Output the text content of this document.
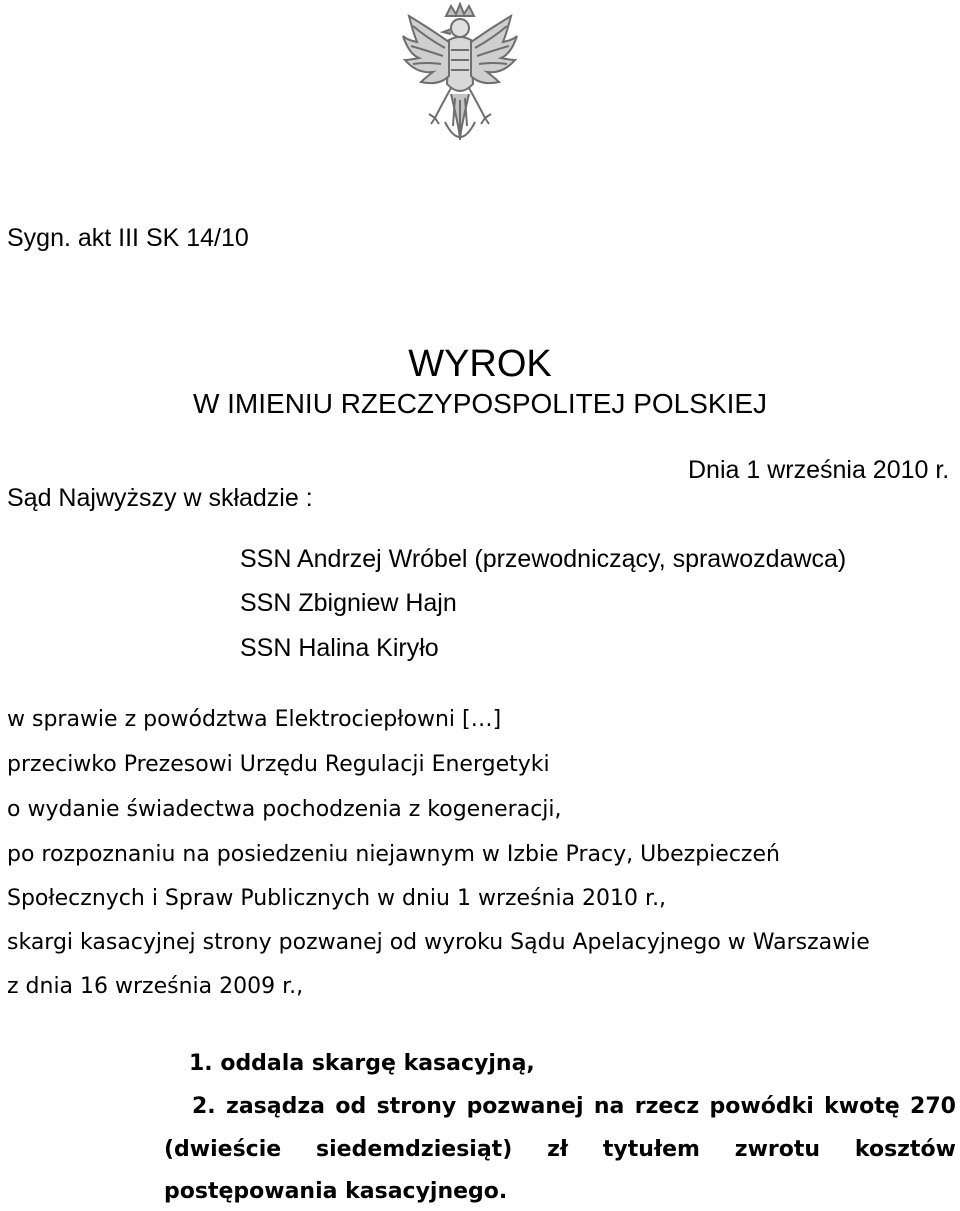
Sygn. akt III SK 14/10
WYROK
W IMIENIU RZECZYPOSPOLITEJ POLSKIEJ
Dnia 1 września 2010 r.
Sąd Najwyższy w składzie :
SSN Andrzej Wróbel (przewodniczący, sprawozdawca)
SSN Zbigniew Hajn
SSN Halina Kiryło
w sprawie z powództwa Elektrociepłowni […]
przeciwko Prezesowi Urzędu Regulacji Energetyki
o wydanie świadectwa pochodzenia z kogeneracji,
po rozpoznaniu na posiedzeniu niejawnym w Izbie Pracy, Ubezpieczeń
Społecznych i Spraw Publicznych w dniu 1 września 2010 r.,
skargi kasacyjnej strony pozwanej od wyroku Sądu Apelacyjnego w Warszawie
z dnia 16 września 2009 r.,
1. oddala skargę kasacyjną,
2. zasądza od strony pozwanej na rzecz powódki kwotę 270
(dwieście siedemdziesiąt) zł tytułem zwrotu kosztów
postępowania kasacyjnego.
